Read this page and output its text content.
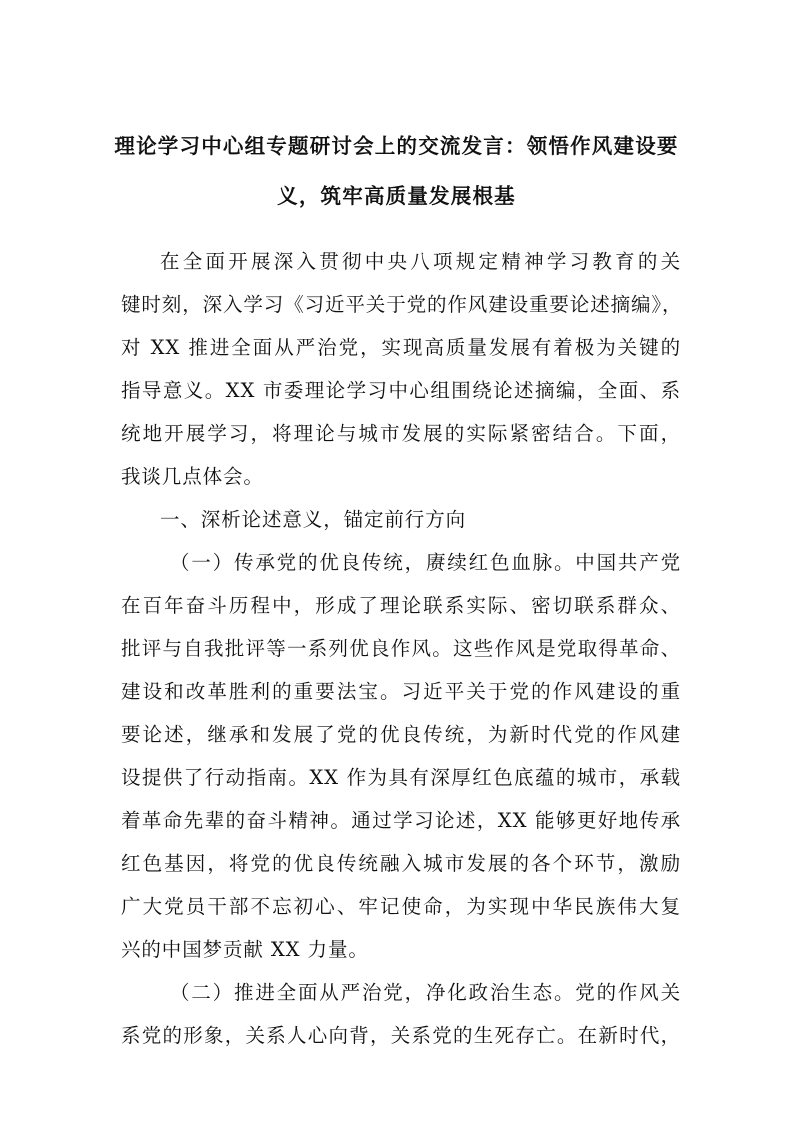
理论学习中心组专题研讨会上的交流发言：领悟作风建设要
义，筑牢高质量发展根基
在全面开展深入贯彻中央八项规定精神学习教育的关
键时刻，深入学习《习近平关于党的作风建设重要论述摘编》，
对 XX 推进全面从严治党，实现高质量发展有着极为关键的
指导意义。XX 市委理论学习中心组围绕论述摘编，全面、系
统地开展学习，将理论与城市发展的实际紧密结合。下面，
我谈几点体会。
一、深析论述意义，锚定前行方向
（一）传承党的优良传统，赓续红色血脉。中国共产党
在百年奋斗历程中，形成了理论联系实际、密切联系群众、
批评与自我批评等一系列优良作风。这些作风是党取得革命、
建设和改革胜利的重要法宝。习近平关于党的作风建设的重
要论述，继承和发展了党的优良传统，为新时代党的作风建
设提供了行动指南。XX 作为具有深厚红色底蕴的城市，承载
着革命先辈的奋斗精神。通过学习论述，XX 能够更好地传承
红色基因，将党的优良传统融入城市发展的各个环节，激励
广大党员干部不忘初心、牢记使命，为实现中华民族伟大复
兴的中国梦贡献 XX 力量。
（二）推进全面从严治党，净化政治生态。党的作风关
系党的形象，关系人心向背，关系党的生死存亡。在新时代，
